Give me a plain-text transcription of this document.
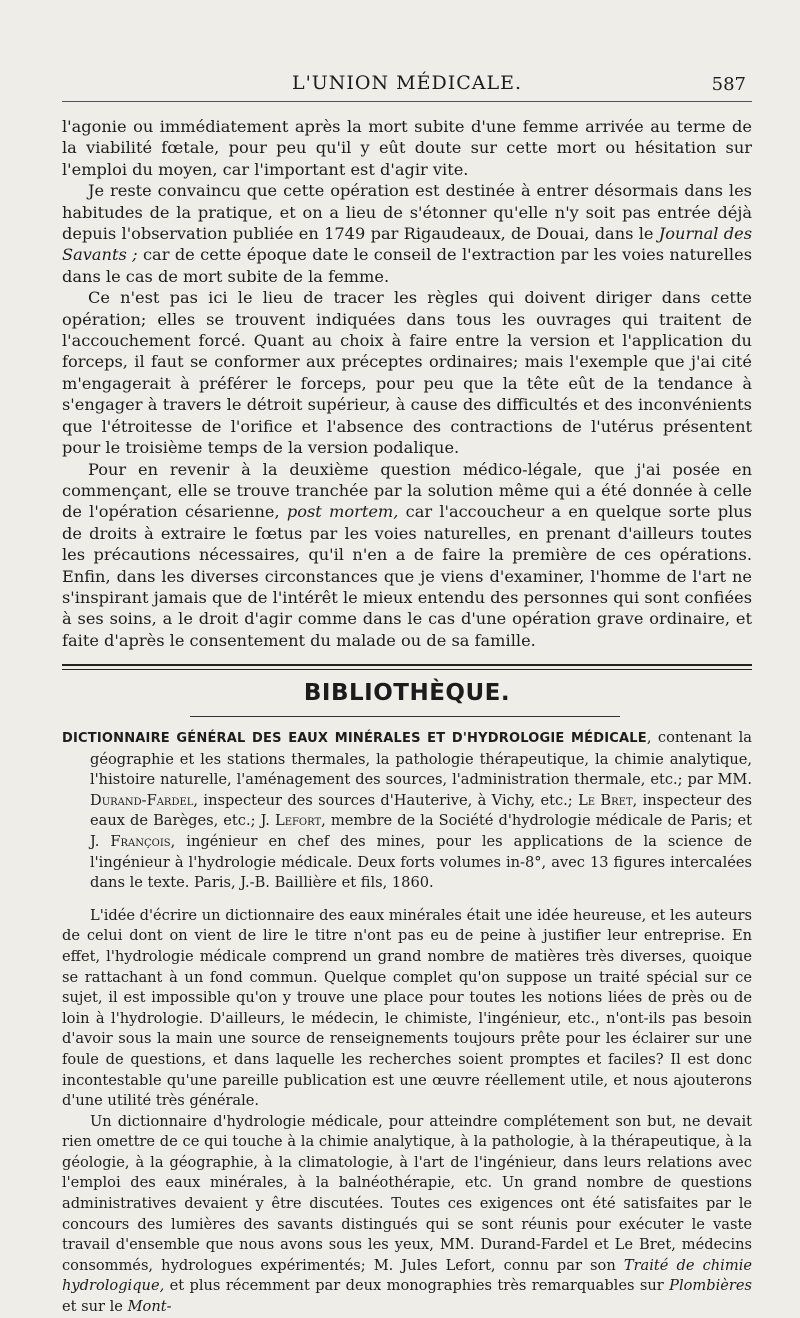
L'UNION MÉDICALE.	587

l'agonie ou immédiatement après la mort subite d'une femme arrivée au terme de la viabilité fœtale, pour peu qu'il y eût doute sur cette mort ou hésitation sur l'emploi du moyen, car l'important est d'agir vite.

Je reste convaincu que cette opération est destinée à entrer désormais dans les habitudes de la pratique, et on a lieu de s'étonner qu'elle n'y soit pas entrée déjà depuis l'observation publiée en 1749 par Rigaudeaux, de Douai, dans le Journal des Savants ; car de cette époque date le conseil de l'extraction par les voies naturelles dans le cas de mort subite de la femme.

Ce n'est pas ici le lieu de tracer les règles qui doivent diriger dans cette opération; elles se trouvent indiquées dans tous les ouvrages qui traitent de l'accouchement forcé. Quant au choix à faire entre la version et l'application du forceps, il faut se conformer aux préceptes ordinaires; mais l'exemple que j'ai cité m'engagerait à préférer le forceps, pour peu que la tête eût de la tendance à s'engager à travers le détroit supérieur, à cause des difficultés et des inconvénients que l'étroitesse de l'orifice et l'absence des contractions de l'utérus présentent pour le troisième temps de la version podalique.

Pour en revenir à la deuxième question médico-légale, que j'ai posée en commençant, elle se trouve tranchée par la solution même qui a été donnée à celle de l'opération césarienne, post mortem, car l'accoucheur a en quelque sorte plus de droits à extraire le fœtus par les voies naturelles, en prenant d'ailleurs toutes les précautions nécessaires, qu'il n'en a de faire la première de ces opérations. Enfin, dans les diverses circonstances que je viens d'examiner, l'homme de l'art ne s'inspirant jamais que de l'intérêt le mieux entendu des personnes qui sont confiées à ses soins, a le droit d'agir comme dans le cas d'une opération grave ordinaire, et faite d'après le consentement du malade ou de sa famille.

BIBLIOTHÈQUE.

DICTIONNAIRE GÉNÉRAL DES EAUX MINÉRALES ET D'HYDROLOGIE MÉDICALE, contenant la géographie et les stations thermales, la pathologie thérapeutique, la chimie analytique, l'histoire naturelle, l'aménagement des sources, l'administration thermale, etc.; par MM. Durand-Fardel, inspecteur des sources d'Hauterive, à Vichy, etc.; Le Bret, inspecteur des eaux de Barèges, etc.; J. Lefort, membre de la Société d'hydrologie médicale de Paris; et J. François, ingénieur en chef des mines, pour les applications de la science de l'ingénieur à l'hydrologie médicale. Deux forts volumes in-8°, avec 13 figures intercalées dans le texte. Paris, J.-B. Baillière et fils, 1860.

L'idée d'écrire un dictionnaire des eaux minérales était une idée heureuse, et les auteurs de celui dont on vient de lire le titre n'ont pas eu de peine à justifier leur entreprise. En effet, l'hydrologie médicale comprend un grand nombre de matières très diverses, quoique se rattachant à un fond commun. Quelque complet qu'on suppose un traité spécial sur ce sujet, il est impossible qu'on y trouve une place pour toutes les notions liées de près ou de loin à l'hydrologie. D'ailleurs, le médecin, le chimiste, l'ingénieur, etc., n'ont-ils pas besoin d'avoir sous la main une source de renseignements toujours prête pour les éclairer sur une foule de questions, et dans laquelle les recherches soient promptes et faciles? Il est donc incontestable qu'une pareille publication est une œuvre réellement utile, et nous ajouterons d'une utilité très générale.

Un dictionnaire d'hydrologie médicale, pour atteindre complétement son but, ne devait rien omettre de ce qui touche à la chimie analytique, à la pathologie, à la thérapeutique, à la géologie, à la géographie, à la climatologie, à l'art de l'ingénieur, dans leurs relations avec l'emploi des eaux minérales, à la balnéothérapie, etc. Un grand nombre de questions administratives devaient y être discutées. Toutes ces exigences ont été satisfaites par le concours des lumières des savants distingués qui se sont réunis pour exécuter le vaste travail d'ensemble que nous avons sous les yeux, MM. Durand-Fardel et Le Bret, médecins consommés, hydrologues expérimentés; M. Jules Lefort, connu par son Traité de chimie hydrologique, et plus récemment par deux monographies très remarquables sur Plombières et sur le Mont-
